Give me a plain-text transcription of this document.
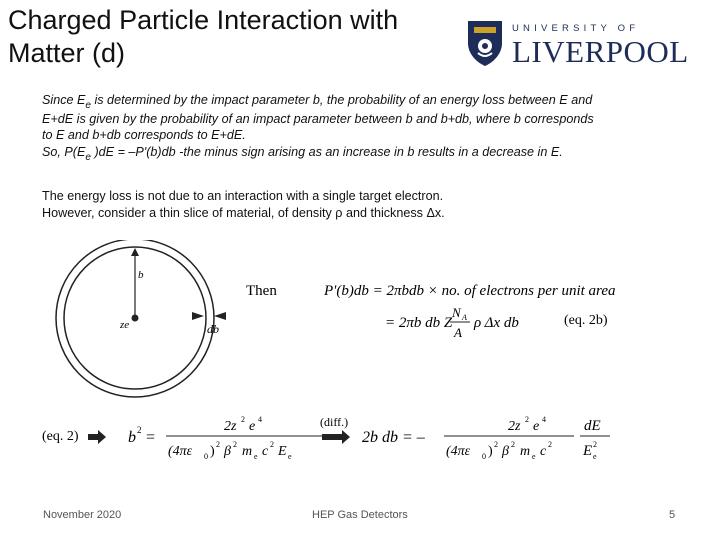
Charged Particle Interaction with Matter (d)
UNIVERSITY OF
LIVERPOOL
Since $E_e$ is determined by the impact parameter b, the probability of an energy loss between E and
E+dE is given by the probability of an impact parameter between b and b+db, where b corresponds
to E and b+db corresponds to E+dE.
So, $P(E_e$ )dE = –P'(b)db -the minus sign arising as an increase in b results in a decrease in E.
The energy loss is not due to an interaction with a single target electron.
However, consider a thin slice of material, of density ρ and thickness Δx.
b
ze	db
Then	P'(b)db = 2πbdb × no. of electrons per unit area
= 2πb db Z
N A
A
ρ Δx db	(eq. 2b)
(eq. 2)	b 2 =
2z 2 e 4
(4πε 0 ) 2 β 2 m e c 2 E e
(diff.)
2b db = –
2z 2 e 4
(4πε 0 ) 2 β 2 m e c 2
dE
E 2
e
November 2020	HEP Gas Detectors	5
